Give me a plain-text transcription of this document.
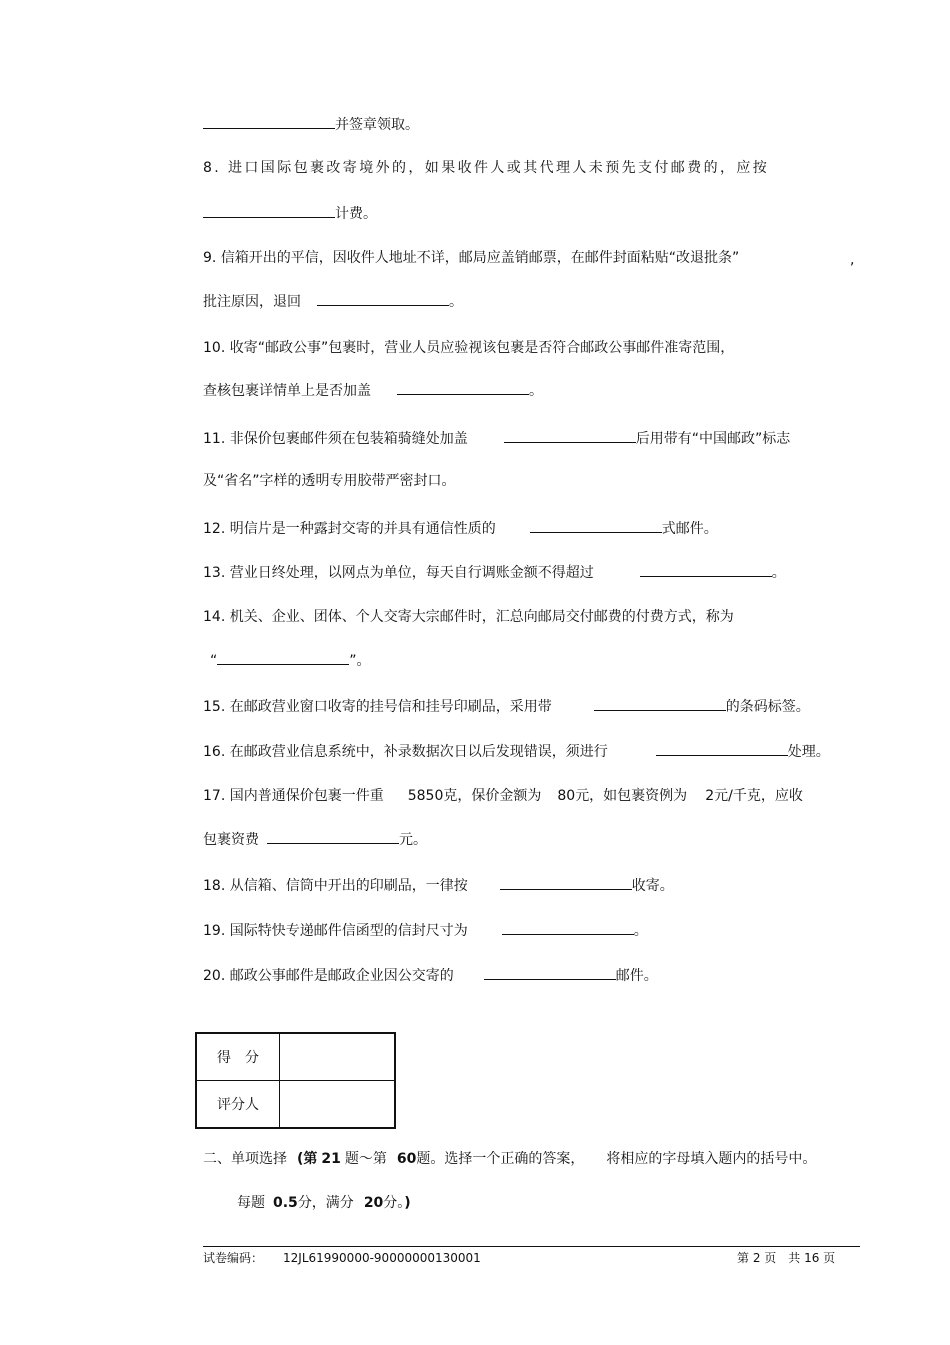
并签章领取。
8. 进口国际包裹改寄境外的，如果收件人或其代理人未预先支付邮费的，应按
计费。
9. 信箱开出的平信，因收件人地址不详，邮局应盖销邮票，在邮件封面粘贴“改退批条”	,
批注原因，退回	。
10. 收寄“邮政公事”包裹时，营业人员应验视该包裹是否符合邮政公事邮件准寄范围，
查核包裹详情单上是否加盖	。
11. 非保价包裹邮件须在包装箱骑缝处加盖	后用带有“中国邮政”标志
及“省名”字样的透明专用胶带严密封口。
12. 明信片是一种露封交寄的并具有通信性质的	式邮件。
13. 营业日终处理，以网点为单位，每天自行调账金额不得超过	。
14. 机关、企业、团体、个人交寄大宗邮件时，汇总向邮局交付邮费的付费方式，称为
“	”。
15. 在邮政营业窗口收寄的挂号信和挂号印刷品，采用带	的条码标签。
16. 在邮政营业信息系统中，补录数据次日以后发现错误，须进行	处理。
17. 国内普通保价包裹一件重 5850克，保价金额为 80元，如包裹资例为 2元/千克，应收
包裹资费	元。
18. 从信箱、信筒中开出的印刷品，一律按	收寄。
19. 国际特快专递邮件信函型的信封尺寸为	。
20. 邮政公事邮件是邮政企业因公交寄的	邮件。
得　分	
评分人	
二、单项选择 (第 21 题～第 60题。选择一个正确的答案， 将相应的字母填入题内的括号中。
每题 0.5分，满分 20分。)
试卷编码： 12JL61990000-90000000130001	第 2 页　共 16 页
